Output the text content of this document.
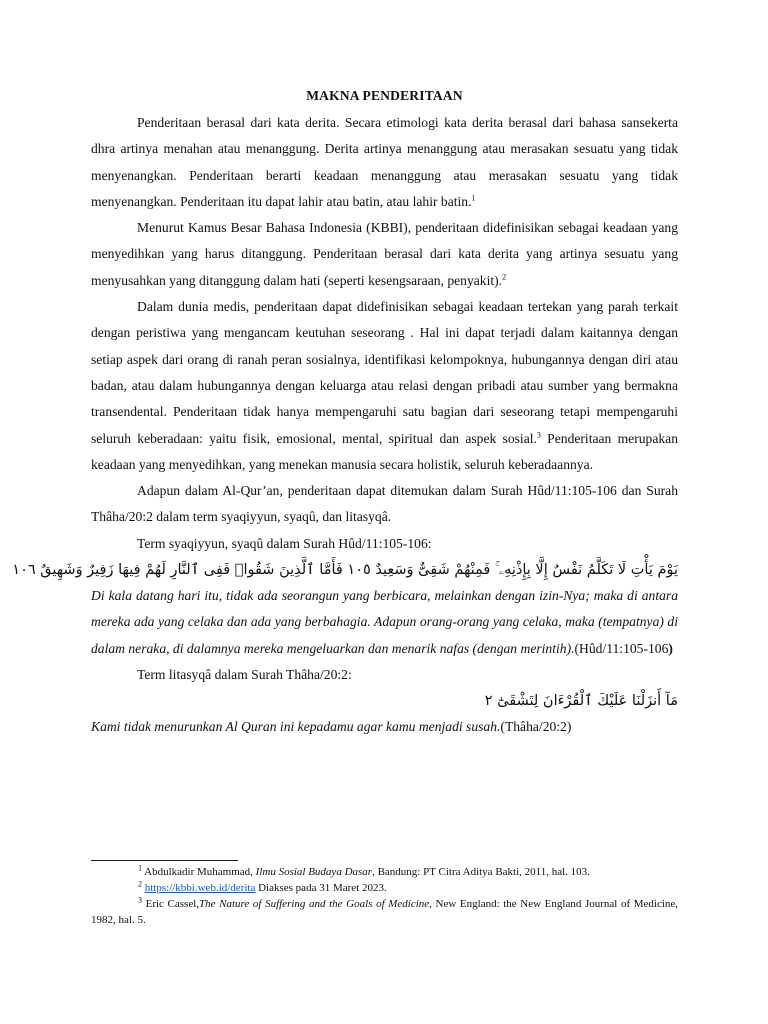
MAKNA PENDERITAAN

Penderitaan berasal dari kata derita. Secara etimologi kata derita berasal dari bahasa sansekerta dhra artinya menahan atau menanggung. Derita artinya menanggung atau merasakan sesuatu yang tidak menyenangkan. Penderitaan berarti keadaan menanggung atau merasakan sesuatu yang tidak menyenangkan. Penderitaan itu dapat lahir atau batin, atau lahir batin.$^1$

Menurut Kamus Besar Bahasa Indonesia (KBBI), penderitaan didefinisikan sebagai keadaan yang menyedihkan yang harus ditanggung. Penderitaan berasal dari kata derita yang artinya sesuatu yang menyusahkan yang ditanggung dalam hati (seperti kesengsaraan, penyakit).$^2$

Dalam dunia medis, penderitaan dapat didefinisikan sebagai keadaan tertekan yang parah terkait dengan peristiwa yang mengancam keutuhan seseorang . Hal ini dapat terjadi dalam kaitannya dengan setiap aspek dari orang di ranah peran sosialnya, identifikasi kelompoknya, hubungannya dengan diri atau badan, atau dalam hubungannya dengan keluarga atau relasi dengan pribadi atau sumber yang bermakna transendental. Penderitaan tidak hanya mempengaruhi satu bagian dari seseorang tetapi mempengaruhi seluruh keberadaan: yaitu fisik, emosional, mental, spiritual dan aspek sosial.$^3$ Penderitaan merupakan keadaan yang menyedihkan, yang menekan manusia secara holistik, seluruh keberadaannya.

Adapun dalam Al-Qur’an, penderitaan dapat ditemukan dalam Surah Hûd/11:105-106 dan Surah Thâha/20:2 dalam term syaqiyyun, syaqû, dan litasyqâ.

Term syaqiyyun, syaqû dalam Surah Hûd/11:105-106:

يَوْمَ يَأْتِ لَا تَكَلَّمُ نَفْسٌ إِلَّا بِإِذْنِهِۦ ۚ فَمِنْهُمْ شَقِىٌّ وَسَعِيدٌ ١٠٥ فَأَمَّا ٱلَّذِينَ شَقُوا۟ فَفِى ٱلنَّارِ لَهُمْ فِيهَا زَفِيرٌ وَشَهِيقٌ ١٠٦

Di kala datang hari itu, tidak ada seorangun yang berbicara, melainkan dengan izin-Nya; maka di antara mereka ada yang celaka dan ada yang berbahagia. Adapun orang-orang yang celaka, maka (tempatnya) di dalam neraka, di dalamnya mereka mengeluarkan dan menarik nafas (dengan merintih).(Hûd/11:105-106)

Term litasyqâ dalam Surah Thâha/20:2:

مَآ أَنزَلْنَا عَلَيْكَ ٱلْقُرْءَانَ لِتَشْقَىٰٓ ٢

Kami tidak menurunkan Al Quran ini kepadamu agar kamu menjadi susah.(Thâha/20:2)

$^1$ Abdulkadir Muhammad, Ilmu Sosial Budaya Dasar, Bandung: PT Citra Aditya Bakti, 2011, hal. 103.

$^2$ https://kbbi.web.id/derita Diakses pada 31 Maret 2023.

$^3$ Eric Cassel,The Nature of Suffering and the Goals of Medicine, New England: the New England Journal of Medicine, 1982, hal. 5.
